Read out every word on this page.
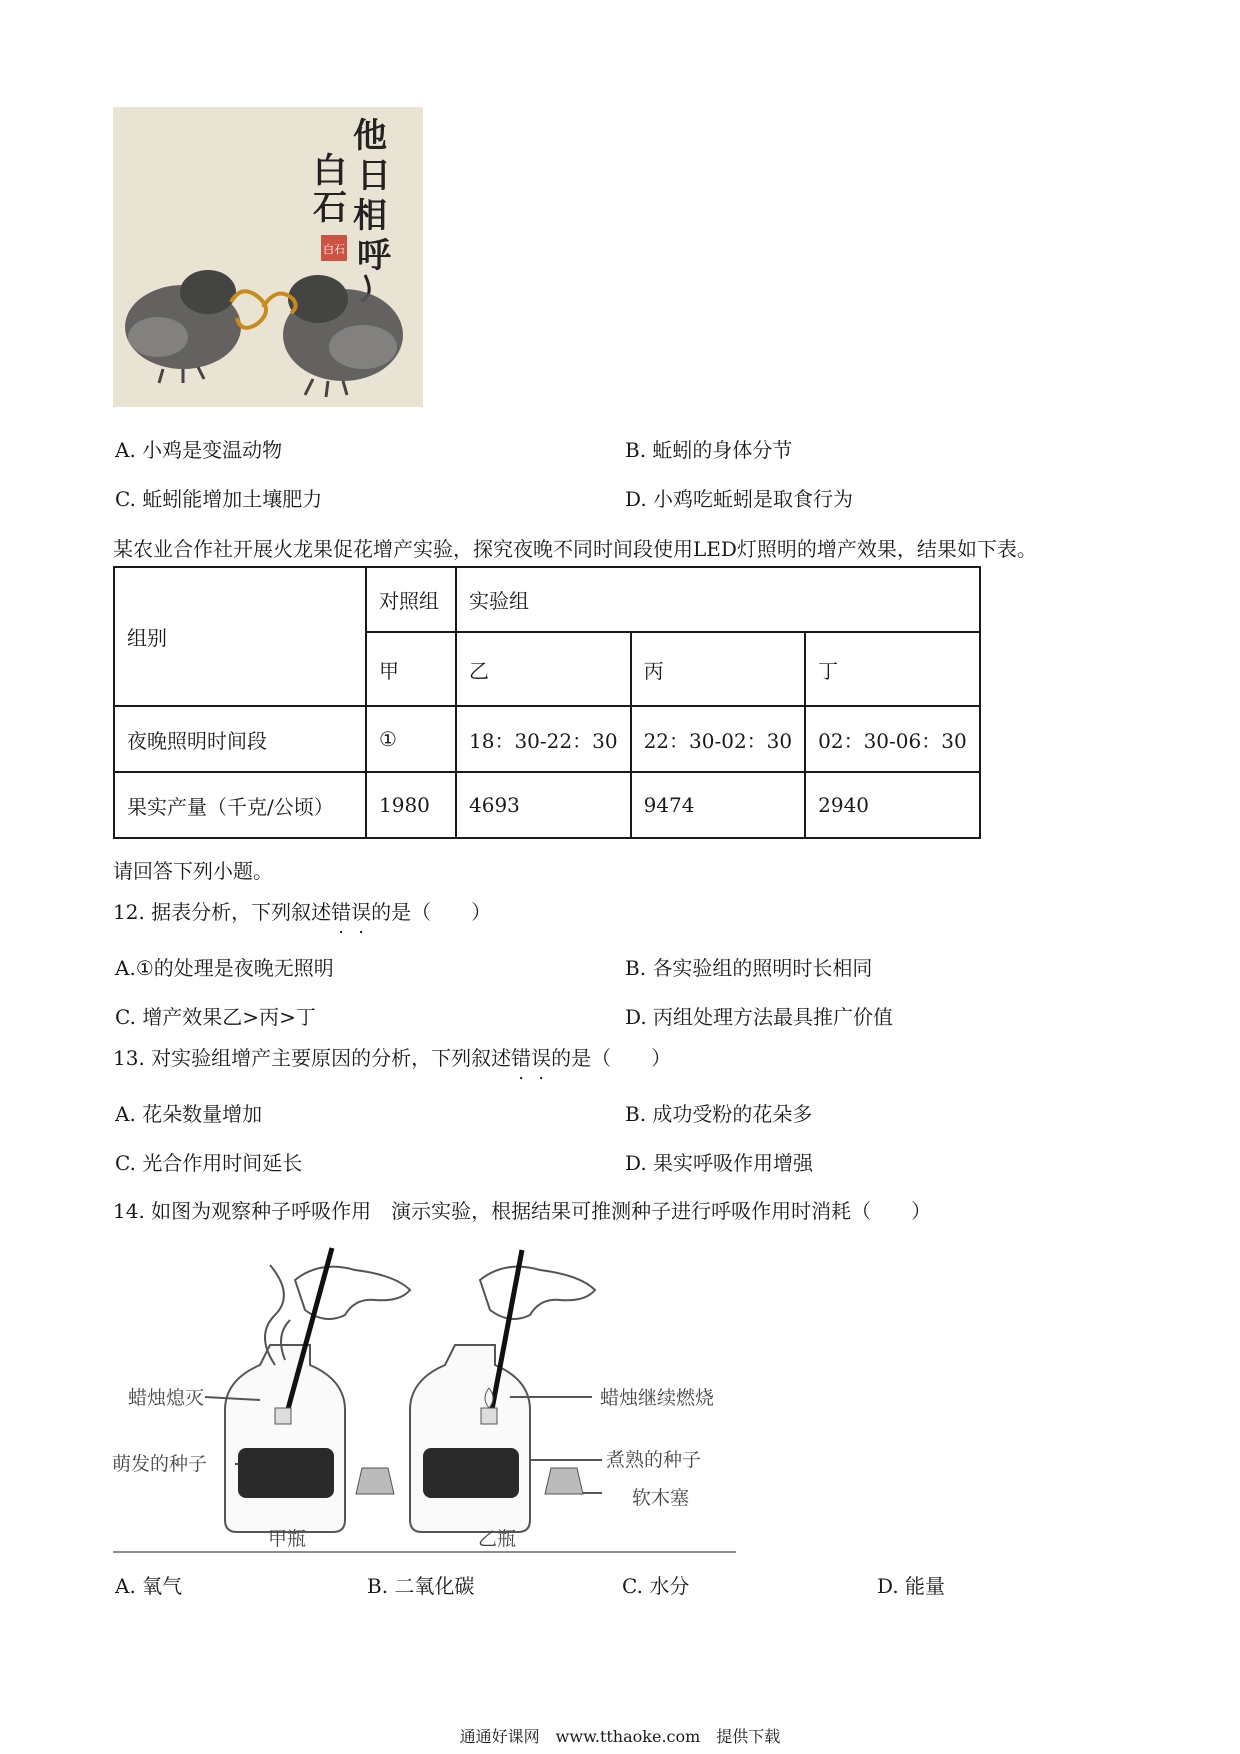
他
日
相
呼
白
石
白石
A. 小鸡是变温动物	B. 蚯蚓的身体分节
C. 蚯蚓能增加土壤肥力	D. 小鸡吃蚯蚓是取食行为
某农业合作社开展火龙果促花增产实验，探究夜晚不同时间段使用LED灯照明的增产效果，结果如下表。
组别	对照组	实验组		
	甲	乙	丙	丁
夜晚照明时间段	①	18：30-22：30	22：30-02：30	02：30-06：30
果实产量（千克/公顷）	1980	4693	9474	2940
请回答下列小题。
12. 据表分析，下列叙述错误的是（　　）
A.①的处理是夜晚无照明	B. 各实验组的照明时长相同
C. 增产效果乙>丙>丁	D. 丙组处理方法最具推广价值
13. 对实验组增产主要原因的分析，下列叙述错误的是（　　）
A. 花朵数量增加	B. 成功受粉的花朵多
C. 光合作用时间延长	D. 果实呼吸作用增强
14. 如图为观察种子呼吸作用　演示实验，根据结果可推测种子进行呼吸作用时消耗（　　）
蜡烛熄灭
萌发的种子
蜡烛继续燃烧
煮熟的种子
软木塞
甲瓶	乙瓶
A. 氧气	B. 二氧化碳	C. 水分	D. 能量
通通好课网　www.tthaoke.com　提供下载
